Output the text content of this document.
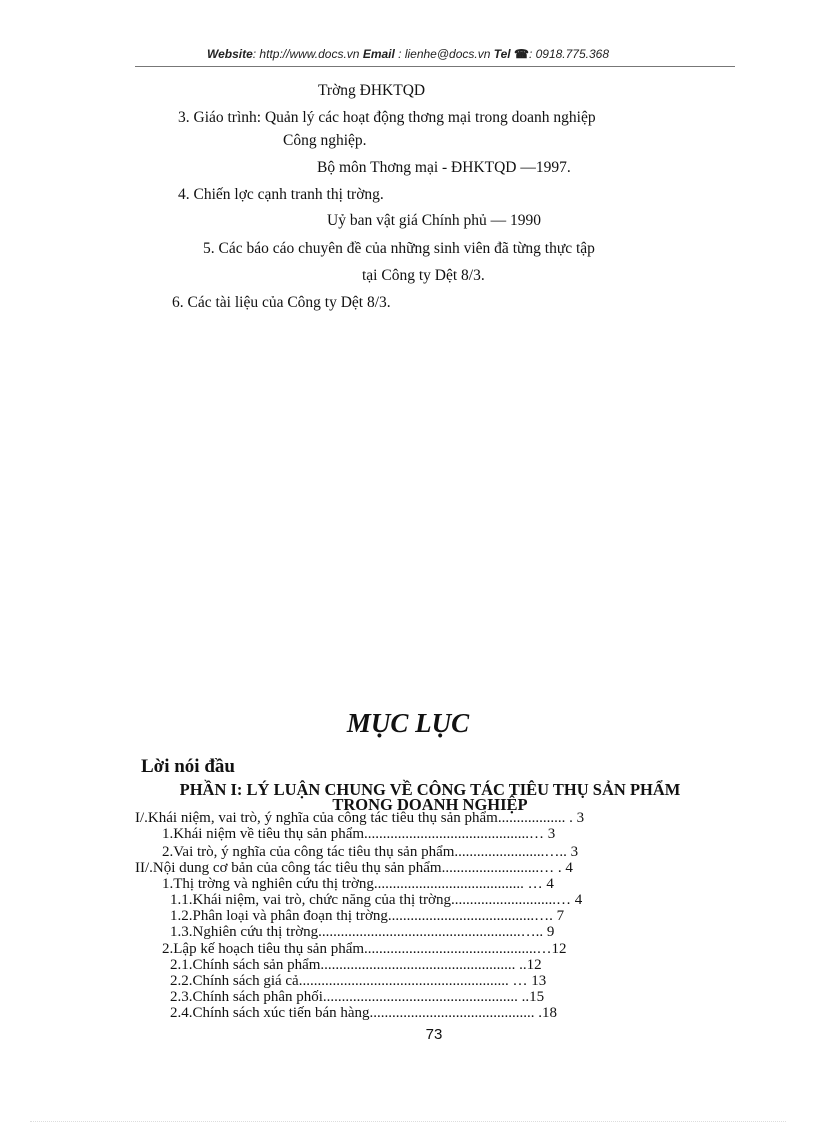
Website: http://www.docs.vn Email : lienhe@docs.vn Tel ☎: 0918.775.368
Trờng ĐHKTQD
3. Giáo trình: Quản lý các hoạt động thơng mại trong doanh nghiệp
Công nghiệp.
Bộ môn Thơng mại - ĐHKTQD —1997.
4. Chiến lợc cạnh tranh thị trờng.
Uỷ ban vật giá Chính phủ — 1990
5. Các báo cáo chuyên đề của những sinh viên đã từng thực tập
tại Công ty Dệt 8/3.
6. Các tài liệu của Công ty Dệt 8/3.
MỤC LỤC
Lời nói đầu
PHẦN I: LÝ LUẬN CHUNG VỀ CÔNG TÁC TIÊU THỤ SẢN PHẨM
TRONG DOANH NGHIỆP
I/.Khái niệm, vai trò, ý nghĩa của công tác tiêu thụ sản phẩm.................. . 3
1.Khái niệm về tiêu thụ sản phẩm............................................… 3
2.Vai trò, ý nghĩa của công tác tiêu thụ sản phẩm........................….. 3
II/.Nội dung cơ bản của công tác tiêu thụ sản phẩm..........................… . 4
1.Thị trờng và nghiên cứu thị trờng........................................ … 4
1.1.Khái niệm, vai trò, chức năng của thị trờng............................… 4
1.2.Phân loại và phân đoạn thị trờng.......................................…. 7
1.3.Nghiên cứu thị trờng......................................................….. 9
2.Lập kế hoạch tiêu thụ sản phẩm..............................................…12
2.1.Chính sách sản phẩm.................................................... ..12
2.2.Chính sách giá cả........................................................ … 13
2.3.Chính sách phân phối.................................................... ..15
2.4.Chính sách xúc tiến bán hàng............................................ .18
73
